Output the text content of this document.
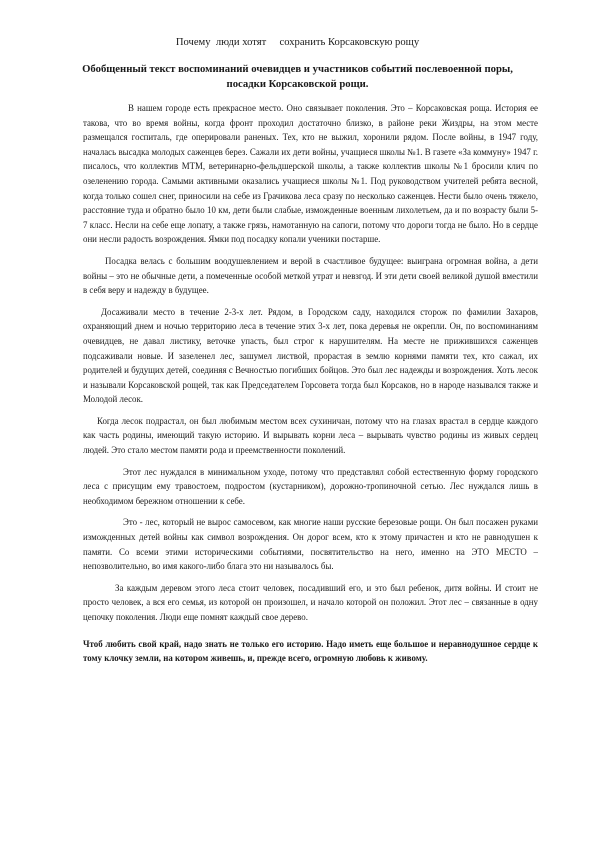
Почему  люди хотят     сохранить Корсаковскую рощу
Обобщенный текст воспоминаний очевидцев и участников событий послевоенной поры, посадки Корсаковской рощи.

В нашем городе есть прекрасное место. Оно связывает поколения. Это – Корсаковская роща. История ее такова, что во время войны, когда фронт проходил достаточно близко, в районе реки Жиздры, на этом месте размещался госпиталь, где оперировали раненых. Тех, кто не выжил, хоронили рядом. После войны, в 1947 году, началась высадка молодых саженцев берез. Сажали их дети войны, учащиеся школы №1. В газете «За коммуну» 1947 г. писалось, что коллектив МТМ, ветеринарно-фельдшерской школы, а также коллектив школы №1 бросили клич по озеленению города. Самыми активными оказались учащиеся школы №1. Под руководством учителей ребята весной, когда только сошел снег, приносили на себе из Грачиковa леса сразу по несколько саженцев. Нести было очень тяжело, расстояние туда и обратно было 10 км, дети были слабые, изможденные военным лихолетьем, да и по возрасту были 5-7 класс. Несли на себе еще лопату, а также грязь, намотанную на сапоги, потому что дороги тогда не было. Но в сердце они несли радость возрождения. Ямки под посадку копали ученики постарше.

Посадка велась с большим воодушевлением и верой в счастливое будущее: выиграна огромная война, а дети войны – это не обычные дети, а помеченные особой меткой утрат и невзгод. И эти дети своей великой душой вместили в себя веру и надежду в будущее.

Досаживали место в течение 2-3-х лет. Рядом, в Городском саду, находился сторож по фамилии Захаров, охраняющий днем и ночью территорию леса в течение этих 3-х лет, пока деревья не окрепли. Он, по воспоминаниям очевидцев, не давал листику, веточке упасть, был строг к нарушителям. На месте не прижившихся саженцев подсаживали новые. И зазеленел лес, зашумел листвой, прорастая в землю корнями памяти тех, кто сажал, их родителей и будущих детей, соединяя с Вечностью погибших бойцов. Это был лес надежды и возрождения. Хоть лесок и называли Корсаковской рощей, так как Председателем Горсовета тогда был Корсаков, но в народе назывался также и Молодой лесок.

Когда лесок подрастал, он был любимым местом всех сухиничан, потому что на глазах врастал в сердце каждого как часть родины, имеющий такую историю. И вырывать корни леса – вырывать чувство родины из живых сердец людей. Это стало местом памяти рода и преемственности поколений.

Этот лес нуждался в минимальном уходе, потому что представлял собой естественную форму городского леса с присущим ему травостоем, подростом (кустарником), дорожно-тропиночной сетью. Лес нуждался лишь в необходимом бережном отношении к себе.

Это - лес, который не вырос самосевом, как многие наши русские березовые рощи. Он был посажен руками изможденных детей войны как символ возрождения. Он дорог всем, кто к этому причастен и кто не равнодушен к памяти. Со всеми этими историческими событиями, посвятительство на него, именно на ЭТО МЕСТО – непозволительно, во имя какого-либо блага это ни называлось бы.

За каждым деревом этого леса стоит человек, посадивший его, и это был ребенок, дитя войны. И стоит не просто человек, а вся его семья, из которой он произошел, и начало которой он положил. Этот лес – связанные в одну цепочку поколения. Люди еще помнят каждый свое дерево.

Чтоб любить свой край, надо знать не только его историю. Надо иметь еще большое и неравнодушное сердце к тому клочку земли, на котором живешь, и, прежде всего, огромную любовь к живому.
